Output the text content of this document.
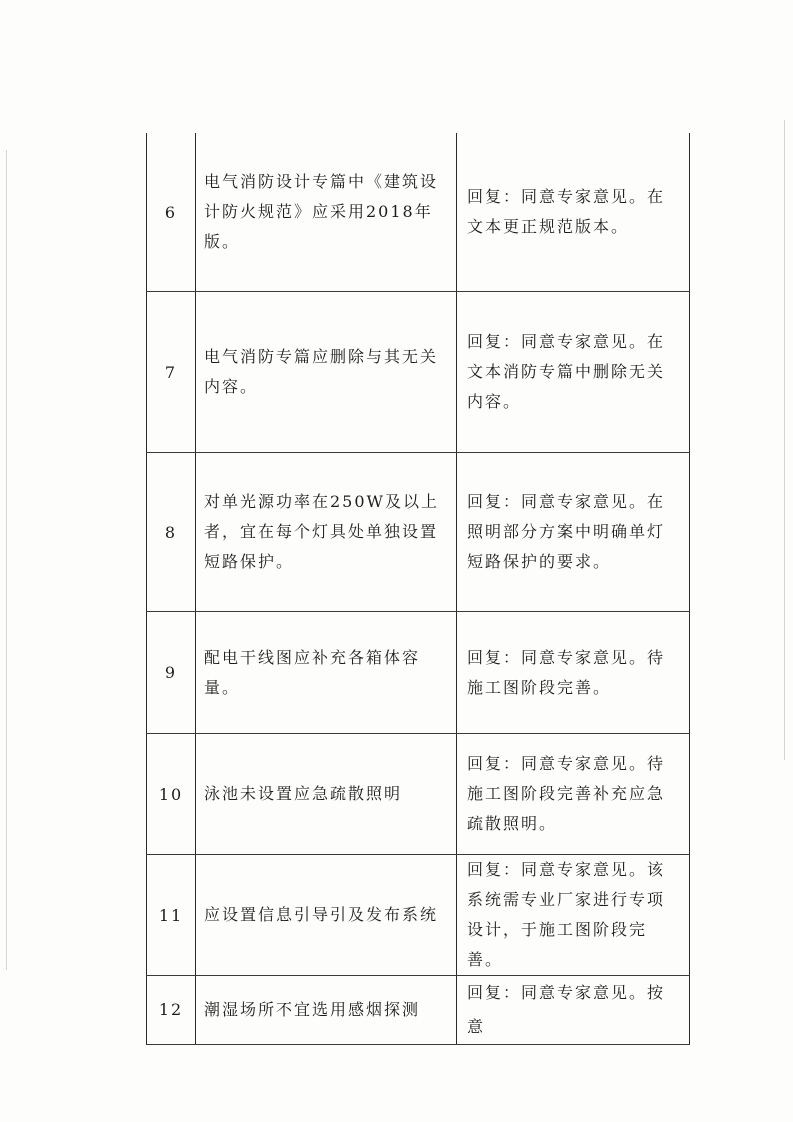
6	电气消防设计专篇中《建筑设计防火规范》应采用2018年版。	回复：同意专家意见。在文本更正规范版本。

7	电气消防专篇应删除与其无关内容。	回复：同意专家意见。在文本消防专篇中删除无关内容。

8	对单光源功率在250W及以上者，宜在每个灯具处单独设置短路保护。	回复：同意专家意见。在照明部分方案中明确单灯短路保护的要求。

9	配电干线图应补充各箱体容量。	回复：同意专家意见。待施工图阶段完善。

10	泳池未设置应急疏散照明	回复：同意专家意见。待施工图阶段完善补充应急疏散照明。

11	应设置信息引导引及发布系统	回复：同意专家意见。该系统需专业厂家进行专项设计，于施工图阶段完善。

12	潮湿场所不宜选用感烟探测	回复：同意专家意见。按意
